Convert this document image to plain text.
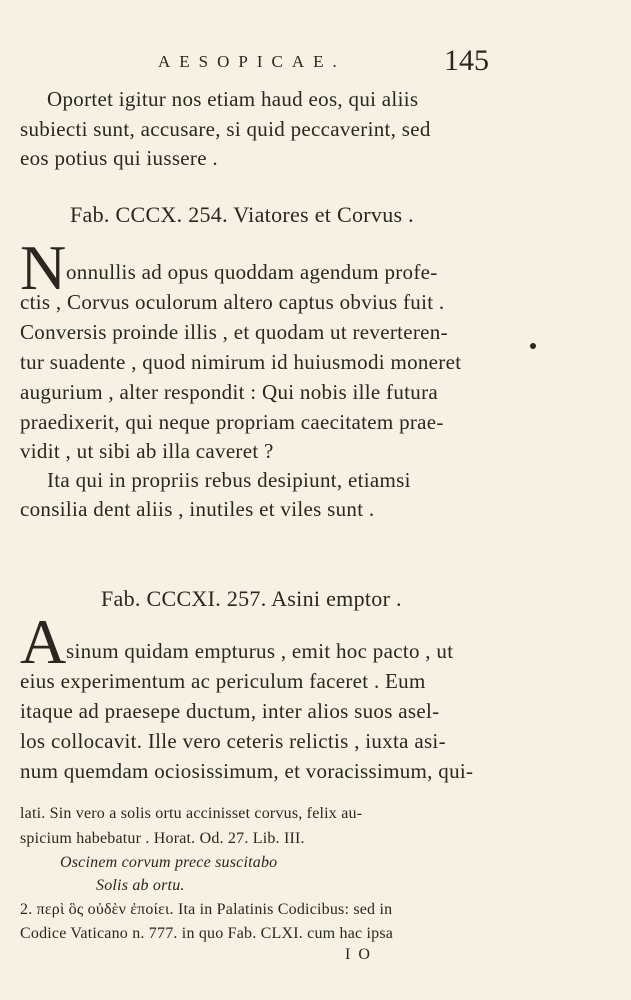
AESOPICAE.	145
Oportet igitur nos etiam haud eos, qui aliis
subiecti sunt, accusare, si quid peccaverint, sed
eos potius qui iussere .
Fab. CCCX. 254. Viatores et Corvus .
N onnullis ad opus quoddam agendum profe-
ctis , Corvus oculorum altero captus obvius fuit .
Conversis proinde illis , et quodam ut reverteren-
tur suadente , quod nimirum id huiusmodi moneret
augurium , alter respondit : Qui nobis ille futura
praedixerit, qui neque propriam caecitatem prae-
vidit , ut sibi ab illa caveret ?
Ita qui in propriis rebus desipiunt, etiamsi
consilia dent aliis , inutiles et viles sunt .
Fab. CCCXI. 257. Asini emptor .
A sinum quidam empturus , emit hoc pacto , ut
eius experimentum ac periculum faceret . Eum
itaque ad praesepe ductum, inter alios suos asel-
los collocavit. Ille vero ceteris relictis , iuxta asi-
num quemdam ociosissimum, et voracissimum, qui-
lati. Sin vero a solis ortu accinisset corvus, felix au-
spicium habebatur . Horat. Od. 27. Lib. III.
Oscinem corvum prece suscitabo
Solis ab ortu.
2. περὶ ὃς οὐδὲν ἐποίει. Ita in Palatinis Codicibus: sed in
Codice Vaticano n. 777. in quo Fab. CLXI. cum hac ipsa
I O
